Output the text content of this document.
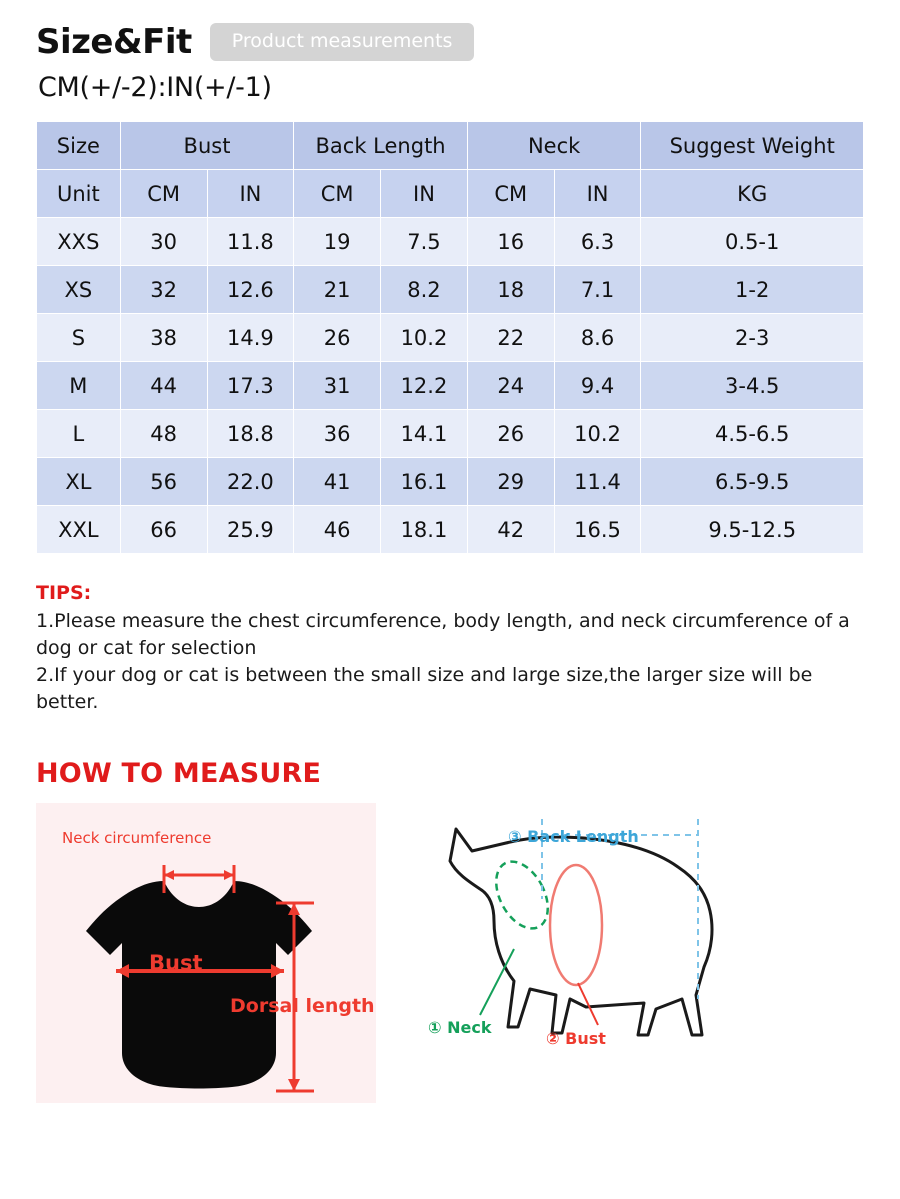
Size&Fit	Product measurements
CM(+/-2):IN(+/-1)
Size	Bust		Back Length		Neck		Suggest Weight
Unit	CM	IN	CM	IN	CM	IN	KG
XXS	30	11.8	19	7.5	16	6.3	0.5-1
XS	32	12.6	21	8.2	18	7.1	1-2
S	38	14.9	26	10.2	22	8.6	2-3
M	44	17.3	31	12.2	24	9.4	3-4.5
L	48	18.8	36	14.1	26	10.2	4.5-6.5
XL	56	22.0	41	16.1	29	11.4	6.5-9.5
XXL	66	25.9	46	18.1	42	16.5	9.5-12.5
TIPS:
1.Please measure the chest circumference, body length, and neck circumference of a dog or cat for selection
2.If your dog or cat is between the small size and large size,the larger size will be better.
HOW TO MEASURE
Neck circumference
Bust
Dorsal length
③ Back Length
① Neck
② Bust
